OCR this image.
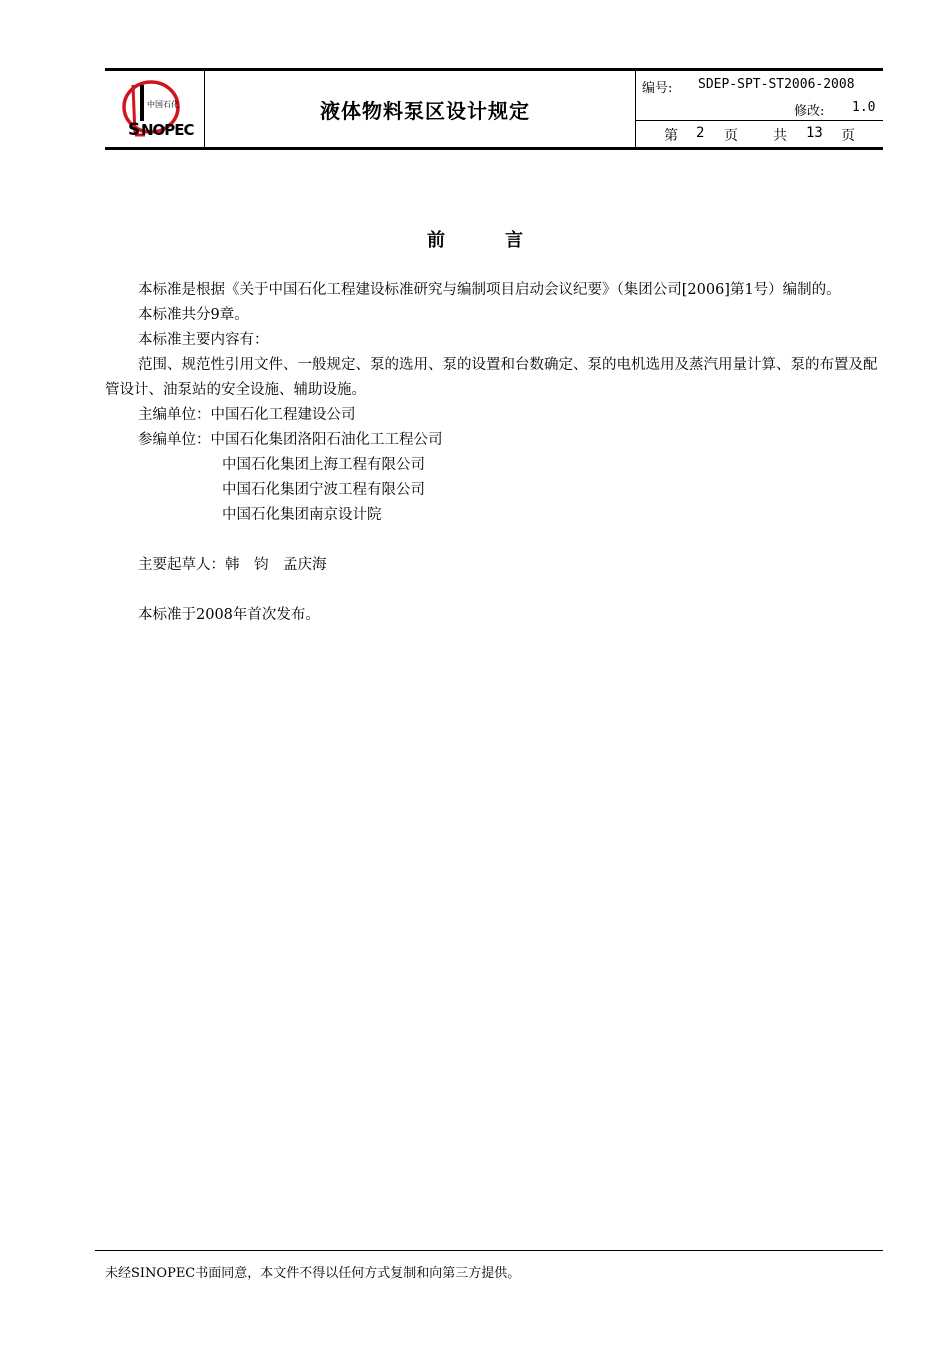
S NOPEC
中国石化	液体物料泵区设计规定
编号: SDEP-SPT-ST2006-2008
修改: 1.0
第 2 页	共 13 页
前言

本标准是根据《关于中国石化工程建设标准研究与编制项目启动会议纪要》（集团公司[2006]第1号）编制的。

本标准共分9章。

本标准主要内容有：

范围、规范性引用文件、一般规定、泵的选用、泵的设置和台数确定、泵的电机选用及蒸汽用量计算、泵的布置及配管设计、油泵站的安全设施、辅助设施。

主编单位：中国石化工程建设公司

参编单位：中国石化集团洛阳石油化工工程公司

中国石化集团上海工程有限公司

中国石化集团宁波工程有限公司

中国石化集团南京设计院

主要起草人：韩　钧　孟庆海

本标准于2008年首次发布。

未经SINOPEC书面同意，本文件不得以任何方式复制和向第三方提供。
